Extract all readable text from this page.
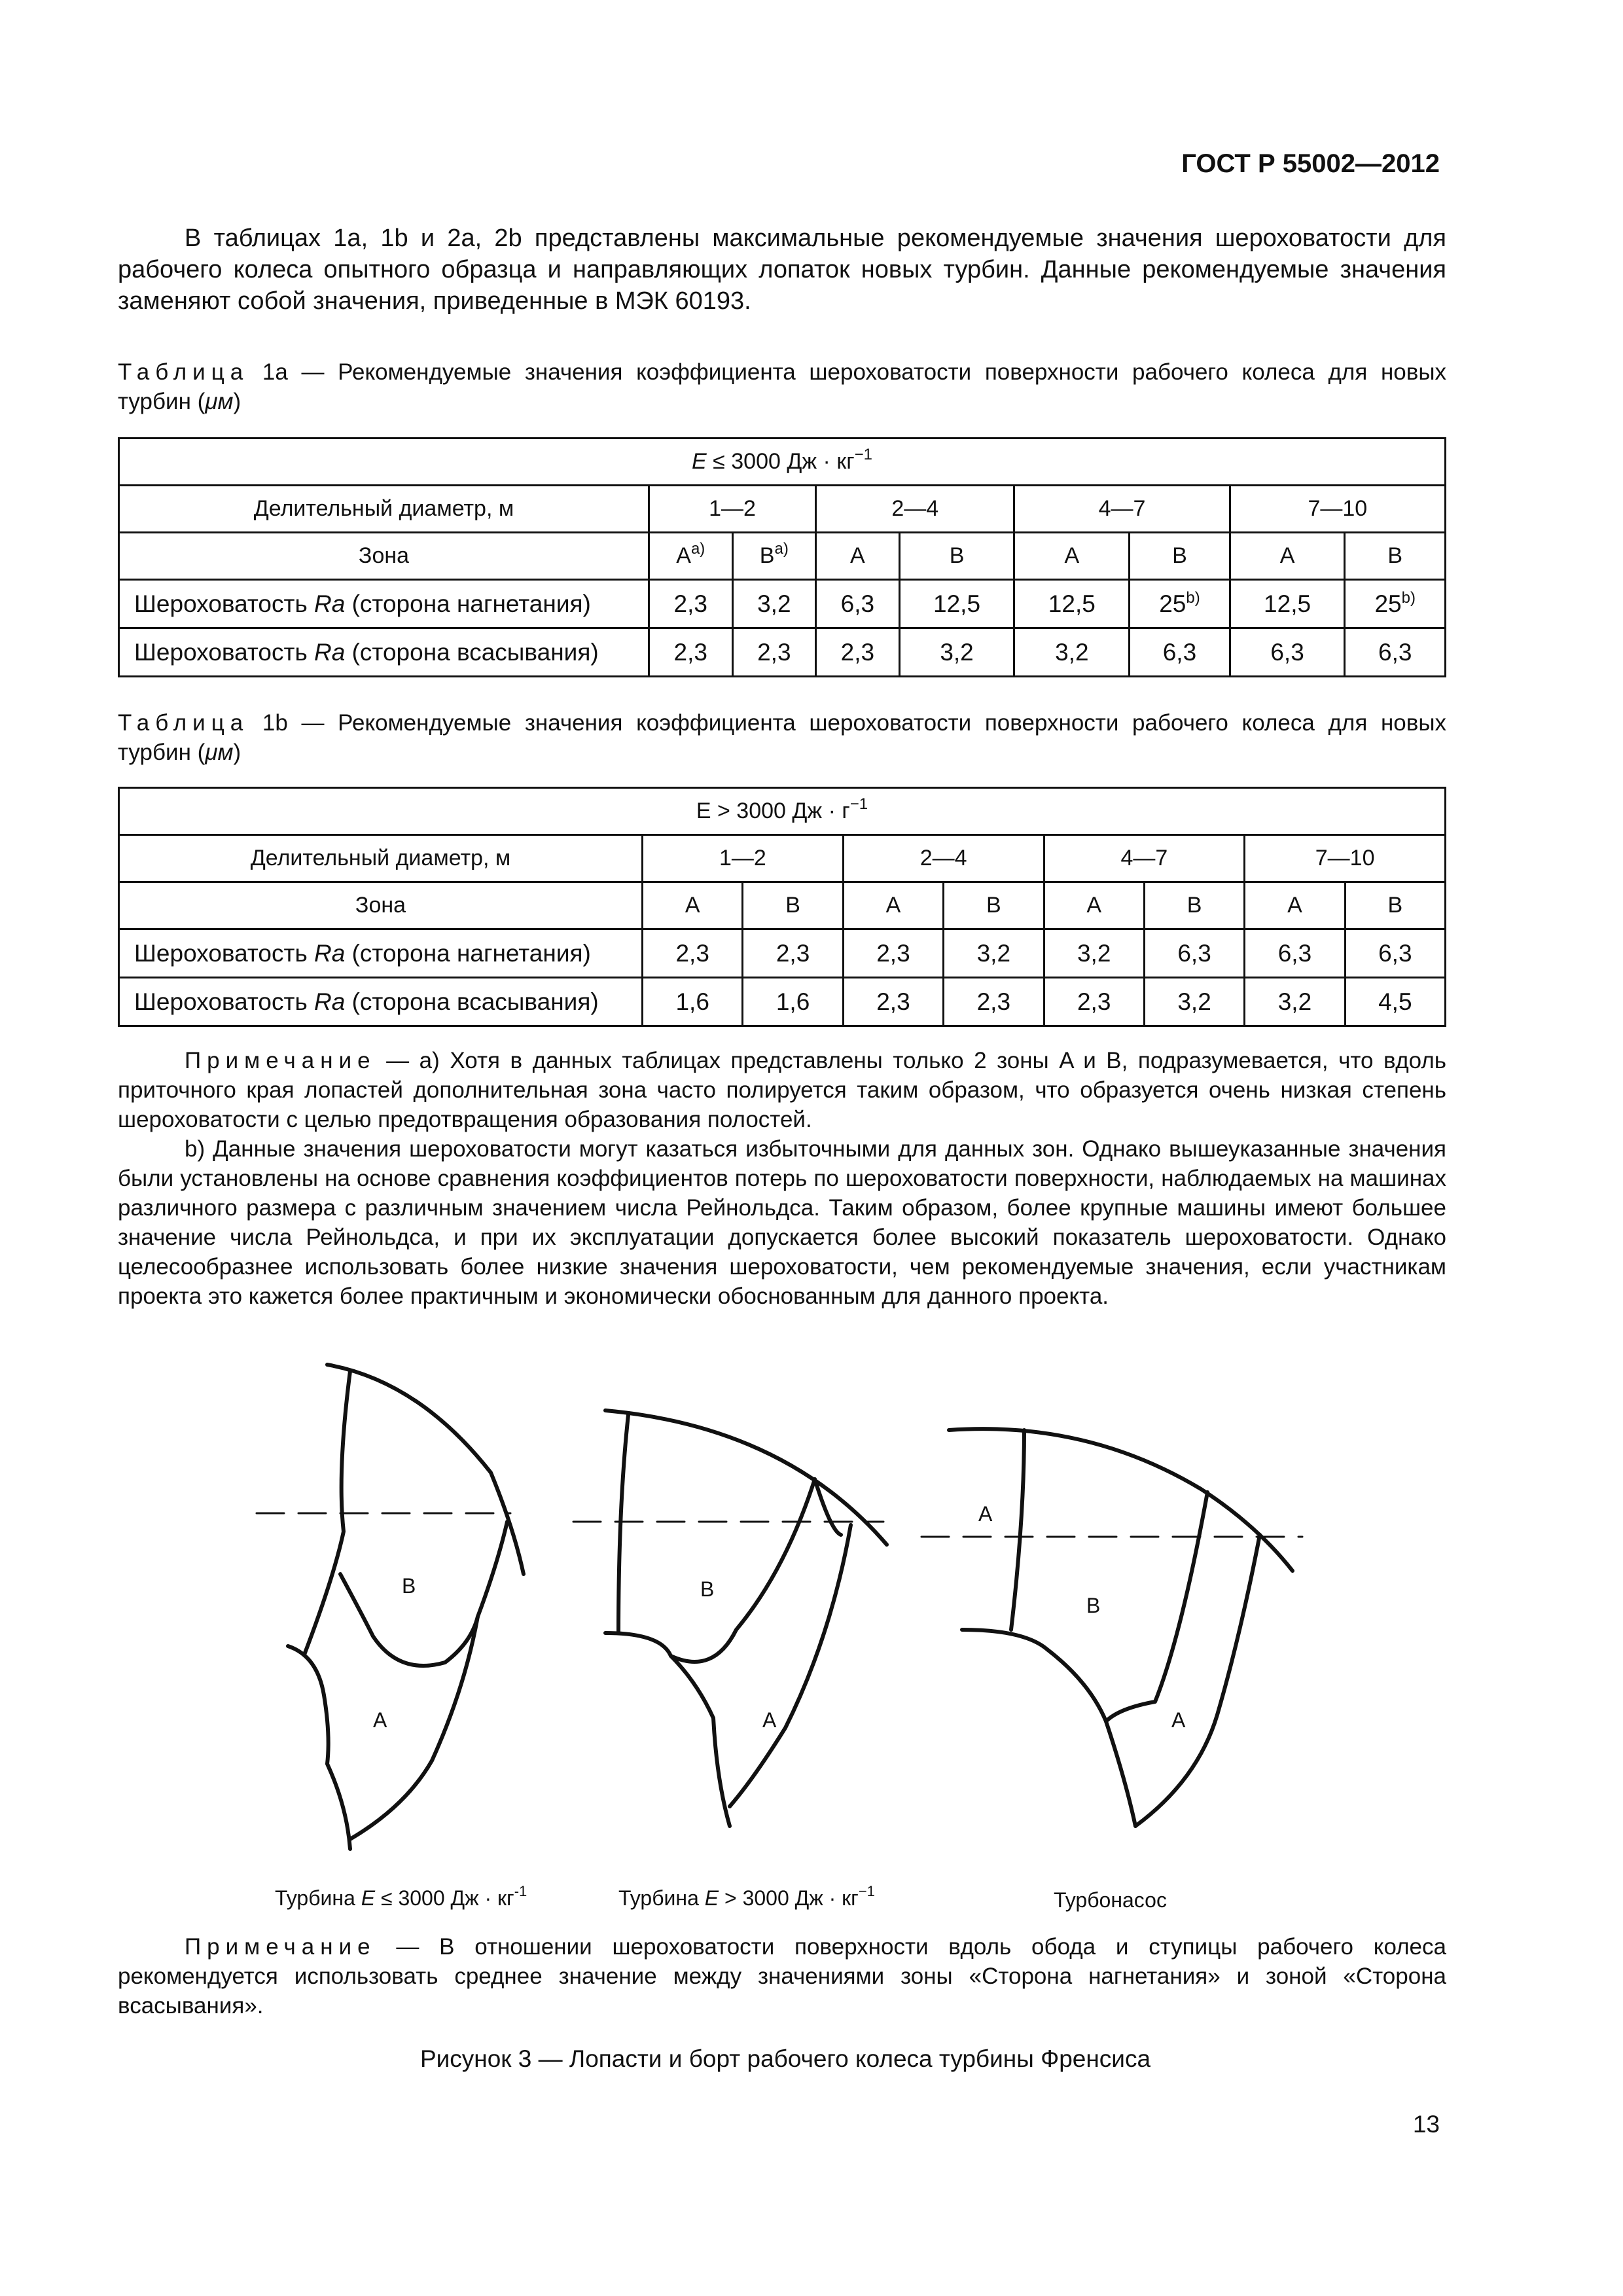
ГОСТ Р 55002—2012

В таблицах 1а, 1b и 2а, 2b представлены максимальные рекомендуемые значения шероховатости для рабочего колеса опытного образца и направляющих лопаток новых турбин. Данные рекомендуемые значения заменяют собой значения, приведенные в МЭК 60193.

Таблица 1а — Рекомендуемые значения коэффициента шероховатости поверхности рабочего колеса для новых турбин (μм)
E ≤ 3000 Дж · $кг^{-1}$
Делительный диаметр, м	1—2		2—4		4—7		7—10	
Зона	$A^{а)}$	$B^{а)}$	A	B	A	B	A	B
Шероховатость Ra (сторона нагнетания)	2,3	3,2	6,3	12,5	12,5	25$^{b)}$	12,5	25$^{b)}$
Шероховатость Ra (сторона всасывания)	2,3	2,3	2,3	3,2	3,2	6,3	6,3	6,3
Таблица 1b — Рекомендуемые значения коэффициента шероховатости поверхности рабочего колеса для новых турбин (μм)
E > 3000 Дж · $г^{-1}$
Делительный диаметр, м	1—2		2—4		4—7		7—10	
Зона	A	B	A	B	A	B	A	B
Шероховатость Ra (сторона нагнетания)	2,3	2,3	2,3	3,2	3,2	6,3	6,3	6,3
Шероховатость Ra (сторона всасывания)	1,6	1,6	2,3	2,3	2,3	3,2	3,2	4,5

Примечание — a) Хотя в данных таблицах представлены только 2 зоны A и B, подразумевается, что вдоль приточного края лопастей дополнительная зона часто полируется таким образом, что образуется очень низкая степень шероховатости с целью предотвращения образования полостей.

b) Данные значения шероховатости могут казаться избыточными для данных зон. Однако вышеуказанные значения были установлены на основе сравнения коэффициентов потерь по шероховатости поверхности, наблюдаемых на машинах различного размера с различным значением числа Рейнольдса. Таким образом, более крупные машины имеют большее значение числа Рейнольдса, и при их эксплуатации допускается более высокий показатель шероховатости. Однако целесообразнее использовать более низкие значения шероховатости, чем рекомендуемые значения, если участникам проекта это кажется более практичным и экономически обоснованным для данного проекта.

B
A
B
A
A
B
A
Турбина E ≤ 3000 Дж · $кг^{-1}$	Турбина E > 3000 Дж · $кг^{-1}$	Турбонасос

Примечание — В отношении шероховатости поверхности вдоль обода и ступицы рабочего колеса рекомендуется использовать среднее значение между значениями зоны «Сторона нагнетания» и зоной «Сторона всасывания».

Рисунок 3 — Лопасти и борт рабочего колеса турбины Френсиса
13
